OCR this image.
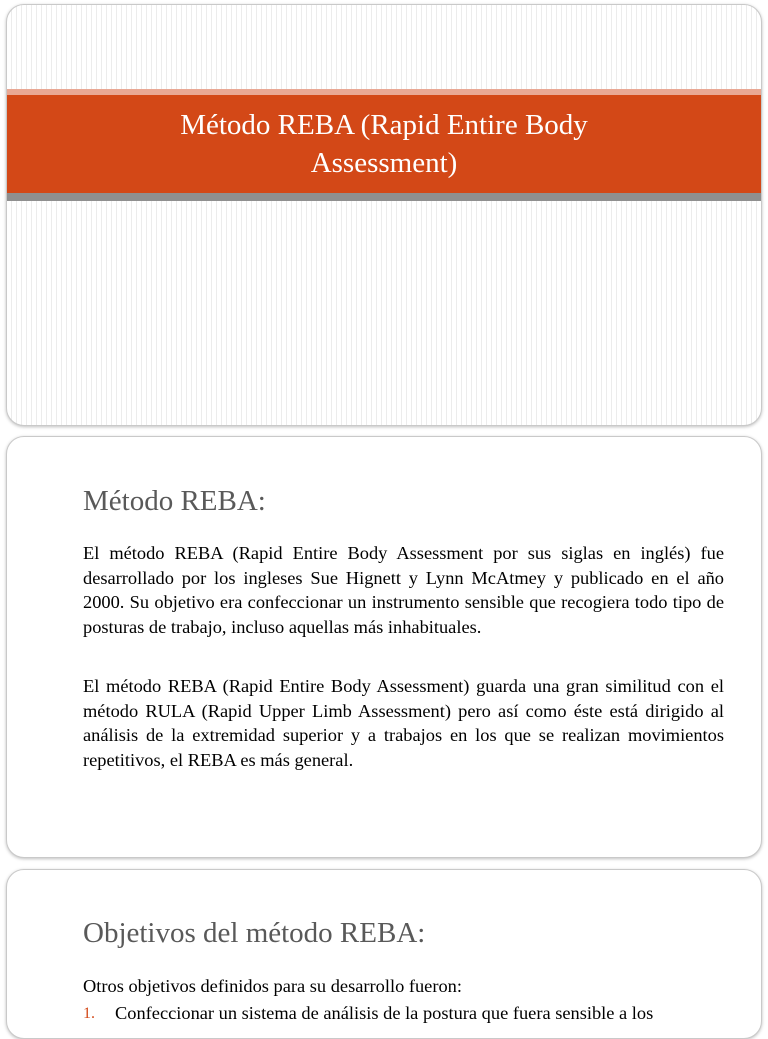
Método REBA (Rapid Entire Body Assessment)
Método REBA:

El método REBA (Rapid Entire Body Assessment por sus siglas en inglés) fue desarrollado por los ingleses Sue Hignett y Lynn McAtmey y publicado en el año 2000. Su objetivo era confeccionar un instrumento sensible que recogiera todo tipo de posturas de trabajo, incluso aquellas más inhabituales.

El método REBA (Rapid Entire Body Assessment) guarda una gran similitud con el método RULA (Rapid Upper Limb Assessment) pero así como éste está dirigido al análisis de la extremidad superior y a trabajos en los que se realizan movimientos repetitivos, el REBA es más general.

Objetivos del método REBA:

Otros objetivos definidos para su desarrollo fueron:

1. Confeccionar un sistema de análisis de la postura que fuera sensible a los
